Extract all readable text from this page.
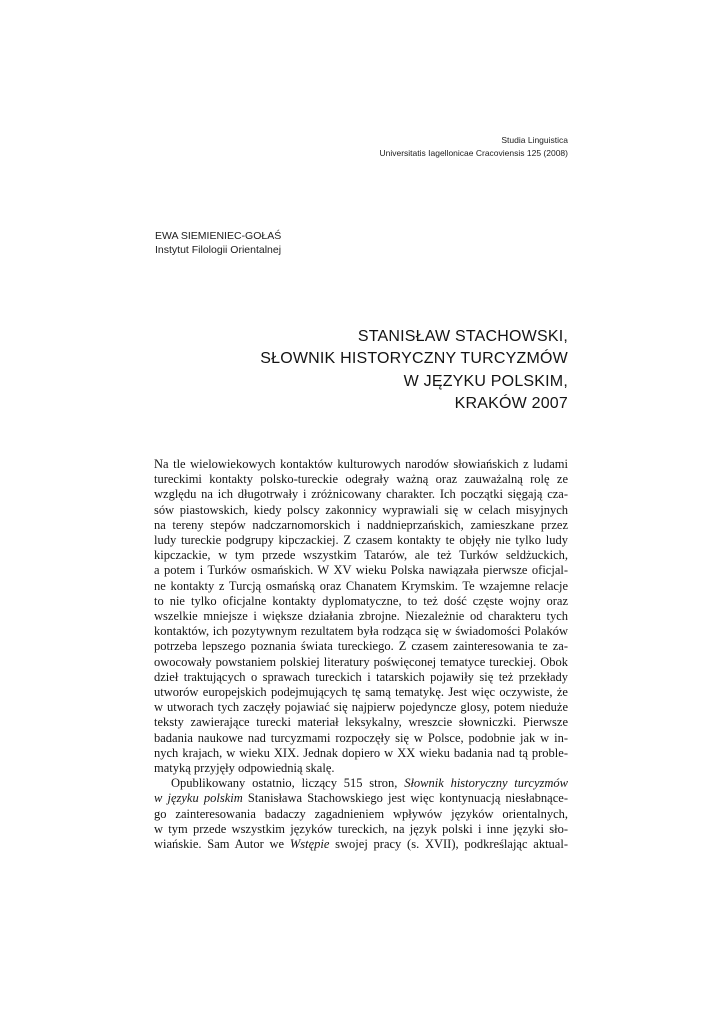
Studia Linguistica
Universitatis Iagellonicae Cracoviensis 125 (2008)
EWA SIEMIENIEC-GOŁAŚ
Instytut Filologii Orientalnej
STANISŁAW STACHOWSKI,
SŁOWNIK HISTORYCZNY TURCYZMÓW
W JĘZYKU POLSKIM,
KRAKÓW 2007
Na tle wielowiekowych kontaktów kulturowych narodów słowiańskich z ludami
tureckimi kontakty polsko-tureckie odegrały ważną oraz zauważalną rolę ze
względu na ich długotrwały i zróżnicowany charakter. Ich początki sięgają cza-
sów piastowskich, kiedy polscy zakonnicy wyprawiali się w celach misyjnych
na tereny stepów nadczarnomorskich i naddnieprzańskich, zamieszkane przez
ludy tureckie podgrupy kipczackiej. Z czasem kontakty te objęły nie tylko ludy
kipczackie, w tym przede wszystkim Tatarów, ale też Turków seldżuckich,
a potem i Turków osmańskich. W XV wieku Polska nawiązała pierwsze oficjal-
ne kontakty z Turcją osmańską oraz Chanatem Krymskim. Te wzajemne relacje
to nie tylko oficjalne kontakty dyplomatyczne, to też dość częste wojny oraz
wszelkie mniejsze i większe działania zbrojne. Niezależnie od charakteru tych
kontaktów, ich pozytywnym rezultatem była rodząca się w świadomości Polaków
potrzeba lepszego poznania świata tureckiego. Z czasem zainteresowania te za-
owocowały powstaniem polskiej literatury poświęconej tematyce tureckiej. Obok
dzieł traktujących o sprawach tureckich i tatarskich pojawiły się też przekłady
utworów europejskich podejmujących tę samą tematykę. Jest więc oczywiste, że
w utworach tych zaczęły pojawiać się najpierw pojedyncze glosy, potem nieduże
teksty zawierające turecki materiał leksykalny, wreszcie słowniczki. Pierwsze
badania naukowe nad turcyzmami rozpoczęły się w Polsce, podobnie jak w in-
nych krajach, w wieku XIX. Jednak dopiero w XX wieku badania nad tą proble-
matyką przyjęły odpowiednią skalę.
Opublikowany ostatnio, liczący 515 stron, Słownik historyczny turcyzmów
w języku polskim Stanisława Stachowskiego jest więc kontynuacją niesłabnące-
go zainteresowania badaczy zagadnieniem wpływów języków orientalnych,
w tym przede wszystkim języków tureckich, na język polski i inne języki sło-
wiańskie. Sam Autor we Wstępie swojej pracy (s. XVII), podkreślając aktual-
